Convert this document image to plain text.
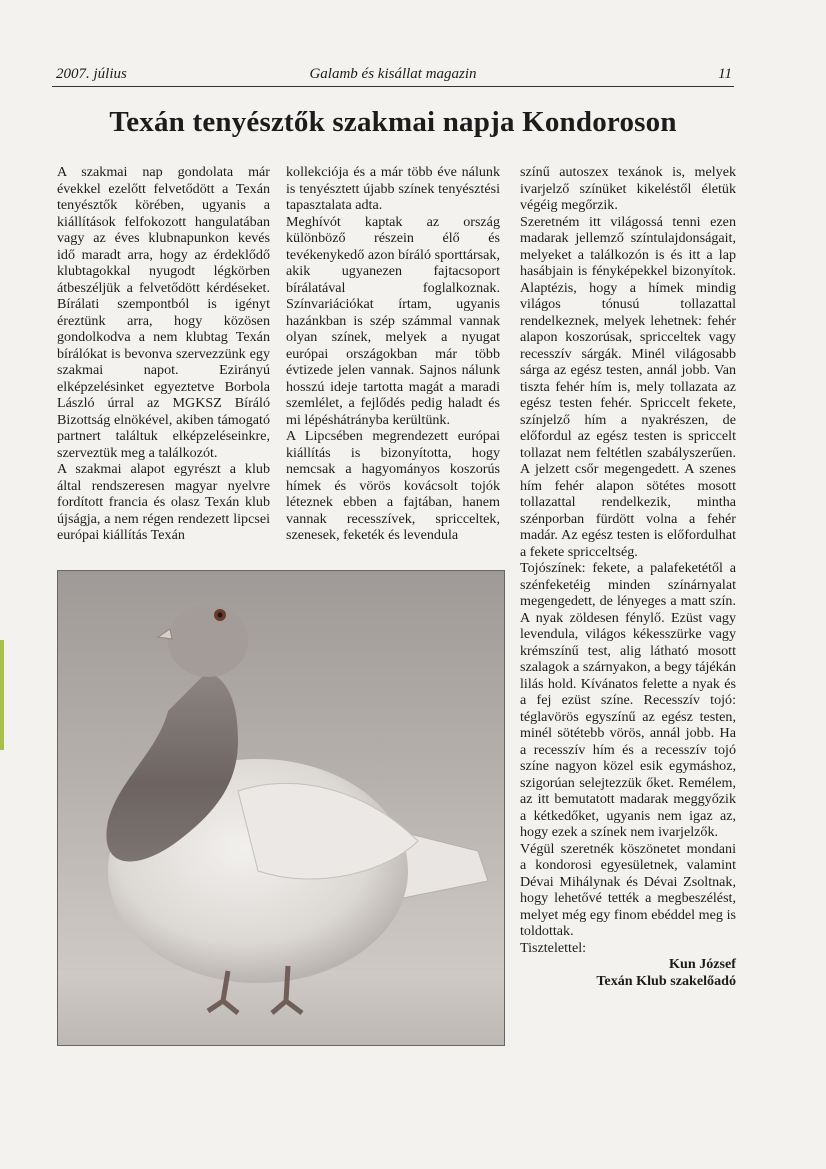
2007. július	Galamb és kisállat magazin	11
Texán tenyésztők szakmai napja Kondoroson

A szakmai nap gondolata már évekkel ezelőtt felvetődött a Texán tenyésztők körében, ugyanis a kiállítások felfokozott hangulatában vagy az éves klubnapunkon kevés idő maradt arra, hogy az érdeklődő klubtagokkal nyugodt légkörben átbeszéljük a felvetődött kérdéseket. Bírálati szempontból is igényt éreztünk arra, hogy közösen gondolkodva a nem klubtag Texán bírálókat is bevonva szervezzünk egy szakmai napot. Ezirányú elképzelésinket egyeztetve Borbola László úrral az MGKSZ Bíráló Bizottság elnökével, akiben támogató partnert találtuk elképzeléseinkre, szerveztük meg a találkozót.

A szakmai alapot egyrészt a klub által rendszeresen magyar nyelvre fordított francia és olasz Texán klub újságja, a nem régen rendezett lipcsei európai kiállítás Texán

kollekciója és a már több éve nálunk is tenyésztett újabb színek tenyésztési tapasztalata adta.

Meghívót kaptak az ország különböző részein élő és tevékenykedő azon bíráló sporttársak, akik ugyanezen fajtacsoport bírálatával foglalkoznak. Színvariációkat írtam, ugyanis hazánkban is szép számmal vannak olyan színek, melyek a nyugat európai országokban már több évtizede jelen vannak. Sajnos nálunk hosszú ideje tartotta magát a maradi szemlélet, a fejlődés pedig haladt és mi lépéshátrányba kerültünk.

A Lipcsében megrendezett európai kiállítás is bizonyította, hogy nemcsak a hagyományos koszorús hímek és vörös kovácsolt tojók léteznek ebben a fajtában, hanem vannak recesszívek, spricceltek, szenesek, feketék és levendula

színű autoszex texánok is, melyek ivarjelző színüket kikeléstől életük végéig megőrzik.

Szeretném itt világossá tenni ezen madarak jellemző színtulajdonságait, melyeket a találkozón is és itt a lap hasábjain is fényképekkel bizonyítok. Alaptézis, hogy a hímek mindig világos tónusú tollazattal rendelkeznek, melyek lehetnek: fehér alapon koszorúsak, spricceltek vagy recesszív sárgák. Minél világosabb sárga az egész testen, annál jobb. Van tiszta fehér hím is, mely tollazata az egész testen fehér. Spriccelt fekete, színjelző hím a nyakrészen, de előfordul az egész testen is spriccelt tollazat nem feltétlen szabályszerűen. A jelzett csőr megengedett. A szenes hím fehér alapon sötétes mosott tollazattal rendelkezik, mintha szénporban fürdött volna a fehér madár. Az egész testen is előfordulhat a fekete spricceltség.

Tojószínek: fekete, a palafeketétől a szénfeketéig minden színárnyalat megengedett, de lényeges a matt szín. A nyak zöldesen fénylő. Ezüst vagy levendula, világos kékesszürke vagy krémszínű test, alig látható mosott szalagok a szárnyakon, a begy tájékán lilás hold. Kívánatos felette a nyak és a fej ezüst színe. Recesszív tojó: téglavörös egyszínű az egész testen, minél sötétebb vörös, annál jobb. Ha a recesszív hím és a recesszív tojó színe nagyon közel esik egymáshoz, szigorúan selejtezzük őket. Remélem, az itt bemutatott madarak meggyőzik a kétkedőket, ugyanis nem igaz az, hogy ezek a színek nem ivarjelzők.

Végül szeretnék köszönetet mondani a kondorosi egyesületnek, valamint Dévai Mihálynak és Dévai Zsoltnak, hogy lehetővé tették a megbeszélést, melyet még egy finom ebéddel meg is toldottak.

Tisztelettel:

Kun József

Texán Klub szakelőadó
